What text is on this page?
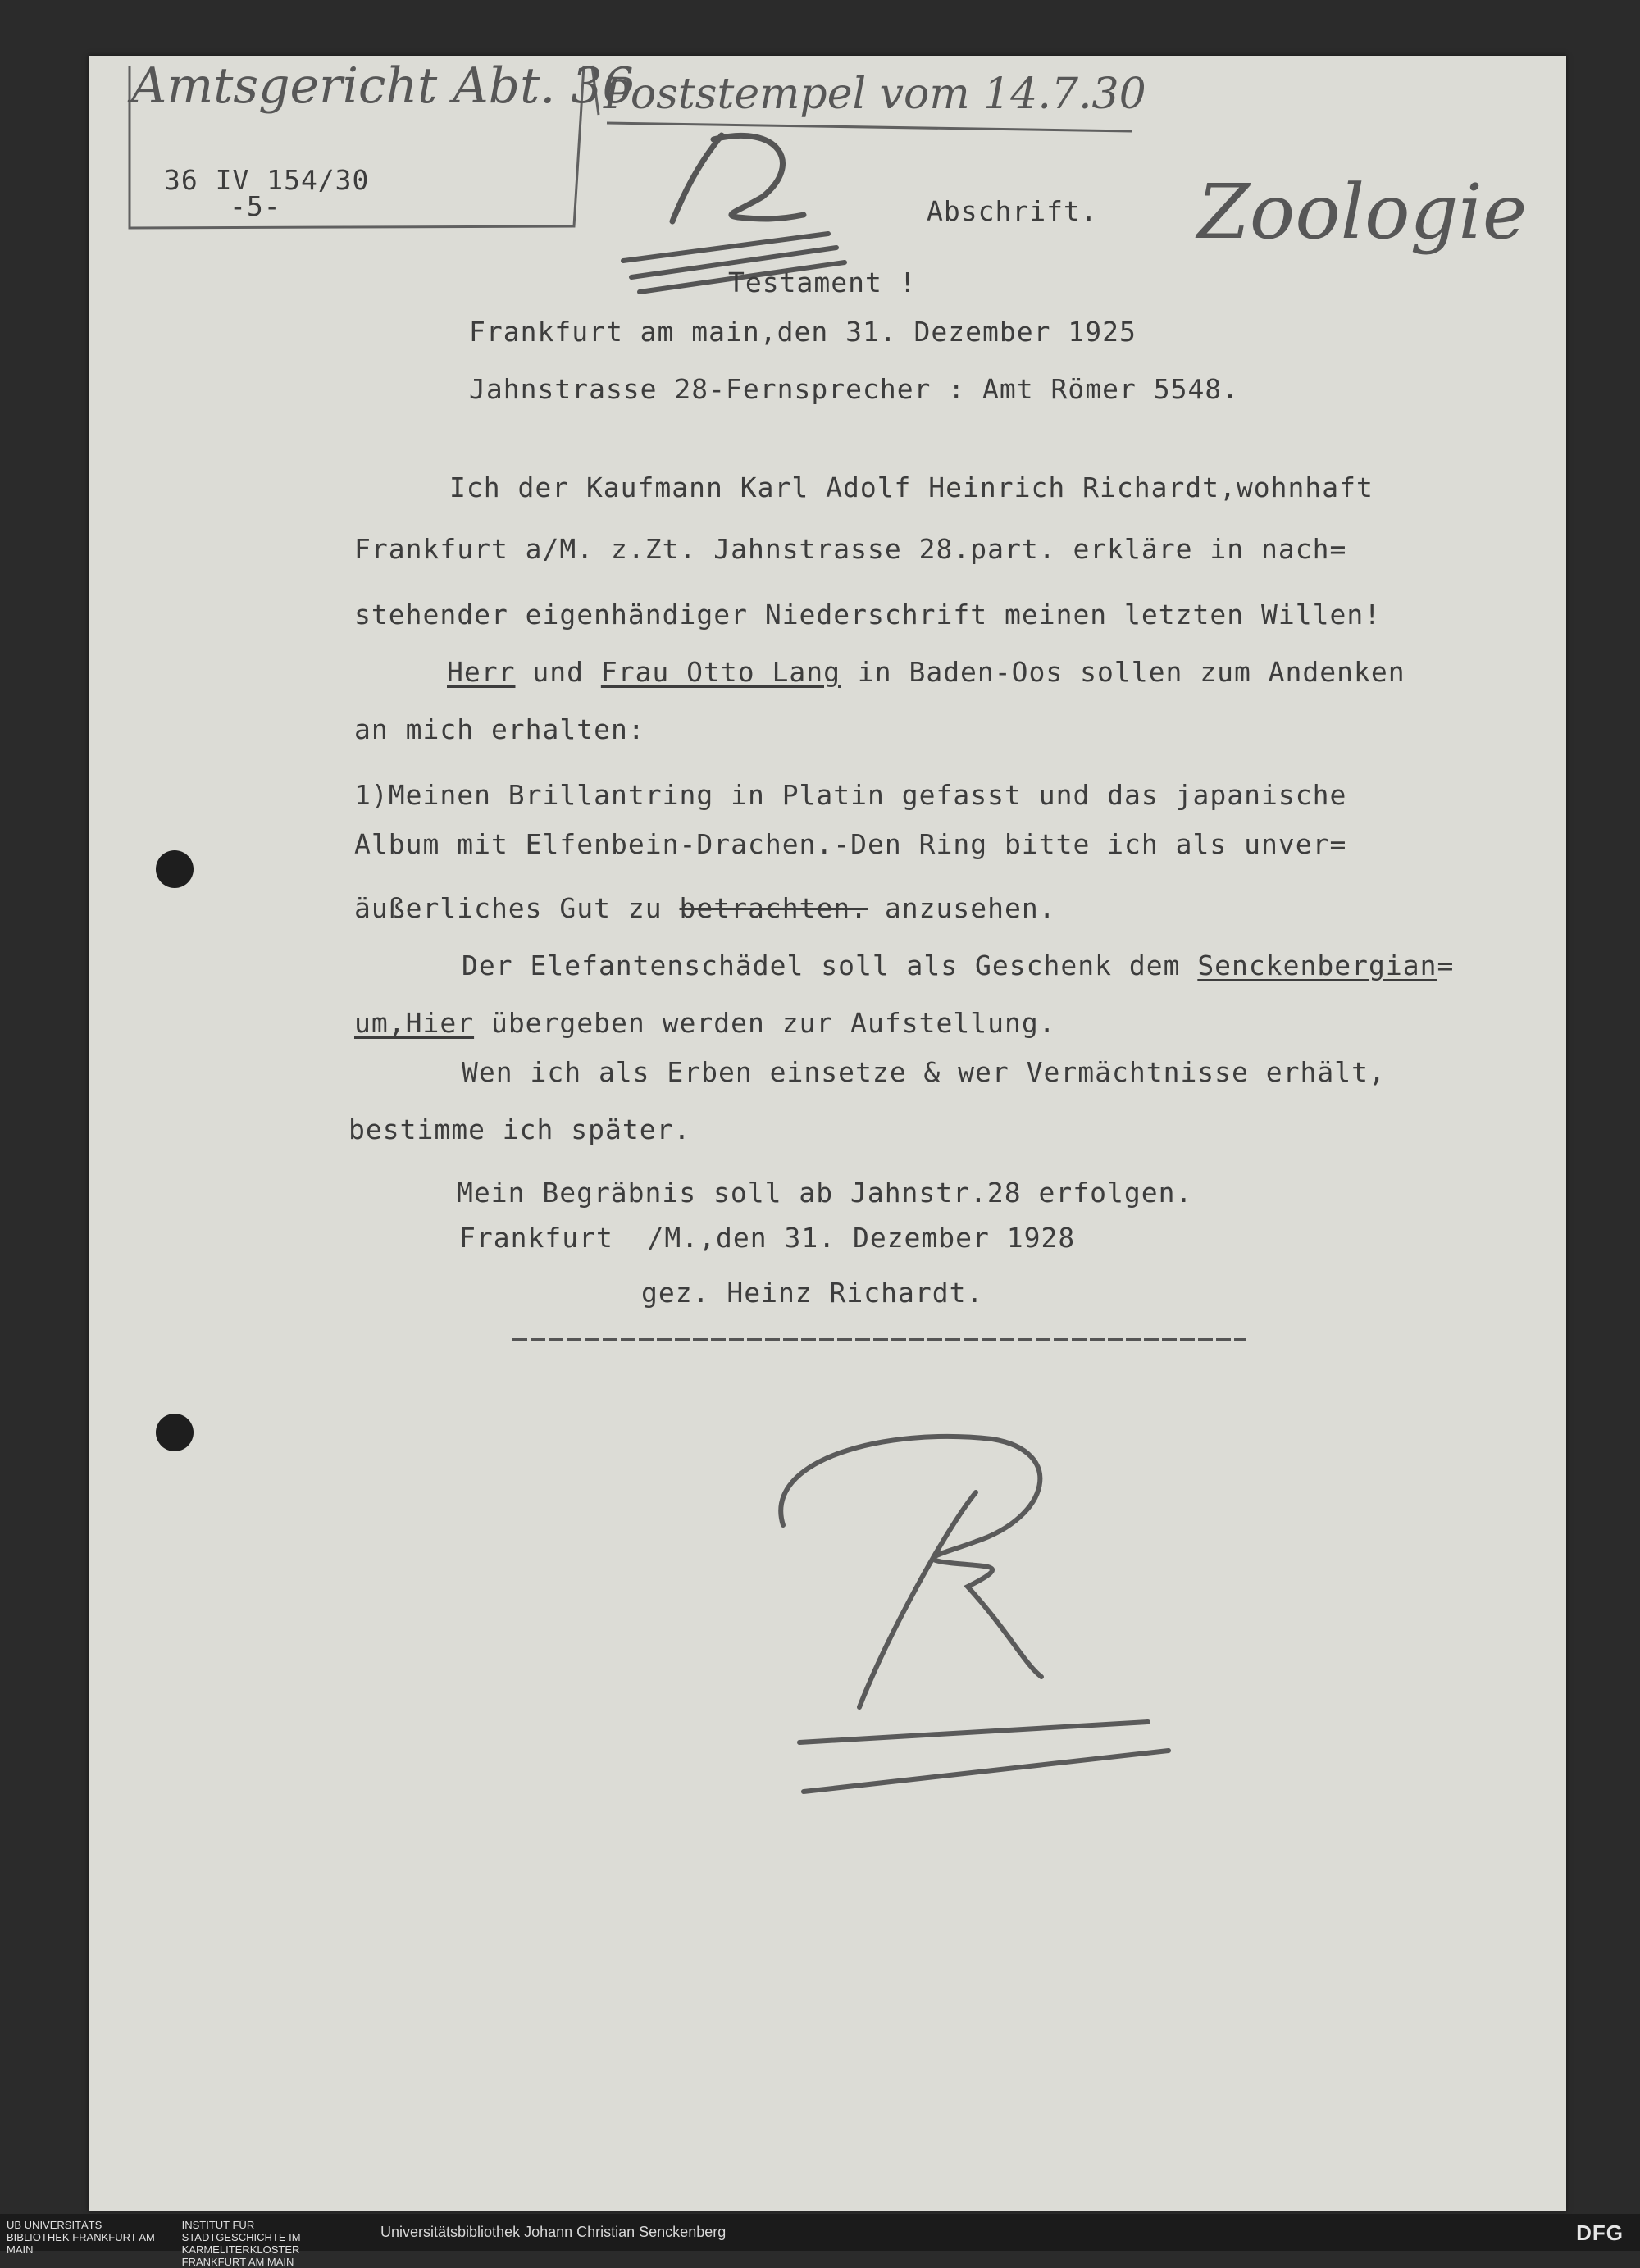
Amtsgericht Abt. 36
Poststempel vom 14.7.30
36 IV 154/30
-5-	Abschrift. Zoologie
Testament !
Frankfurt am main,den 31. Dezember 1925
Jahnstrasse 28-Fernsprecher : Amt Römer 5548.
Ich der Kaufmann Karl Adolf Heinrich Richardt,wohnhaft
Frankfurt a/M. z.Zt. Jahnstrasse 28.part. erkläre in nach=
stehender eigenhändiger Niederschrift meinen letzten Willen!
Herr und Frau Otto Lang in Baden-Oos sollen zum Andenken
an mich erhalten:
1)Meinen Brillantring in Platin gefasst und das japanische
Album mit Elfenbein-Drachen.-Den Ring bitte ich als unver=
äußerliches Gut zu betrachten. anzusehen.
Der Elefantenschädel soll als Geschenk dem Senckenbergian=
um,Hier übergeben werden zur Aufstellung.
Wen ich als Erben einsetze & wer Vermächtnisse erhält,
bestimme ich später.
Mein Begräbnis soll ab Jahnstr.28 erfolgen.
Frankfurt  /M.,den 31. Dezember 1928
gez. Heinz Richardt.
UB UNIVERSITÄTS BIBLIOTHEK FRANKFURT AM MAIN INSTITUT FÜR STADTGESCHICHTE IM KARMELITERKLOSTER FRANKFURT AM MAIN
Universitätsbibliothek Johann Christian Senckenberg	DFG
